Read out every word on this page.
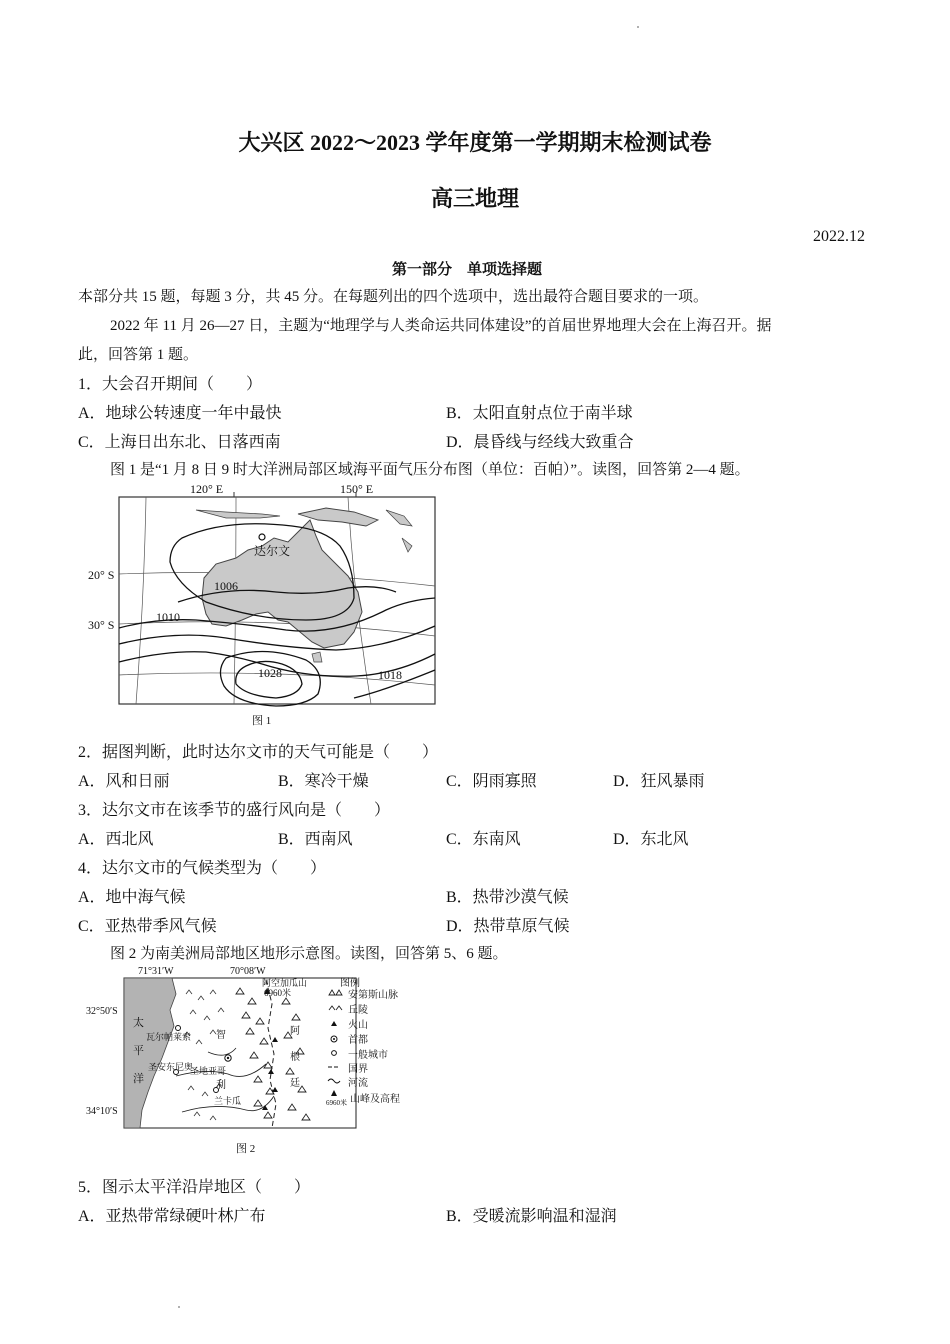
大兴区 2022～2023 学年度第一学期期末检测试卷
高三地理
2022.12
第一部分　单项选择题
本部分共 15 题，每题 3 分，共 45 分。在每题列出的四个选项中，选出最符合题目要求的一项。
2022 年 11 月 26—27 日，主题为“地理学与人类命运共同体建设”的首届世界地理大会在上海召开。据
此，回答第 1 题。
1．大会召开期间（　　）
A．地球公转速度一年中最快	B．太阳直射点位于南半球
C．上海日出东北、日落西南	D．晨昏线与经线大致重合
图 1 是“1 月 8 日 9 时大洋洲局部区域海平面气压分布图（单位：百帕）”。读图，回答第 2—4 题。
120° E	150° E
20° S
30° S
达尔文
1006
1010
1028	1018
图 1
2．据图判断，此时达尔文市的天气可能是（　　）
A．风和日丽	B．寒冷干燥	C．阴雨寡照	D．狂风暴雨
3．达尔文市在该季节的盛行风向是（　　）
A．西北风	B．西南风	C．东南风	D．东北风
4．达尔文市的气候类型为（　　）
A．地中海气候	B．热带沙漠气候
C．亚热带季风气候	D．热带草原气候
图 2 为南美洲局部地区地形示意图。读图，回答第 5、6 题。
71°31′W	70°08′W
32°50′S
34°10′S
太
平
洋
阿空加瓜山
6960米
瓦尔帕莱索
圣安东尼奥
圣地亚哥
兰卡瓜
智
利
阿
根
廷
图例
安第斯山脉
丘陵
火山
首都
一般城市
国界
河流
山峰及高程
6960米
图 2
5．图示太平洋沿岸地区（　　）
A．亚热带常绿硬叶林广布	B．受暖流影响温和湿润
